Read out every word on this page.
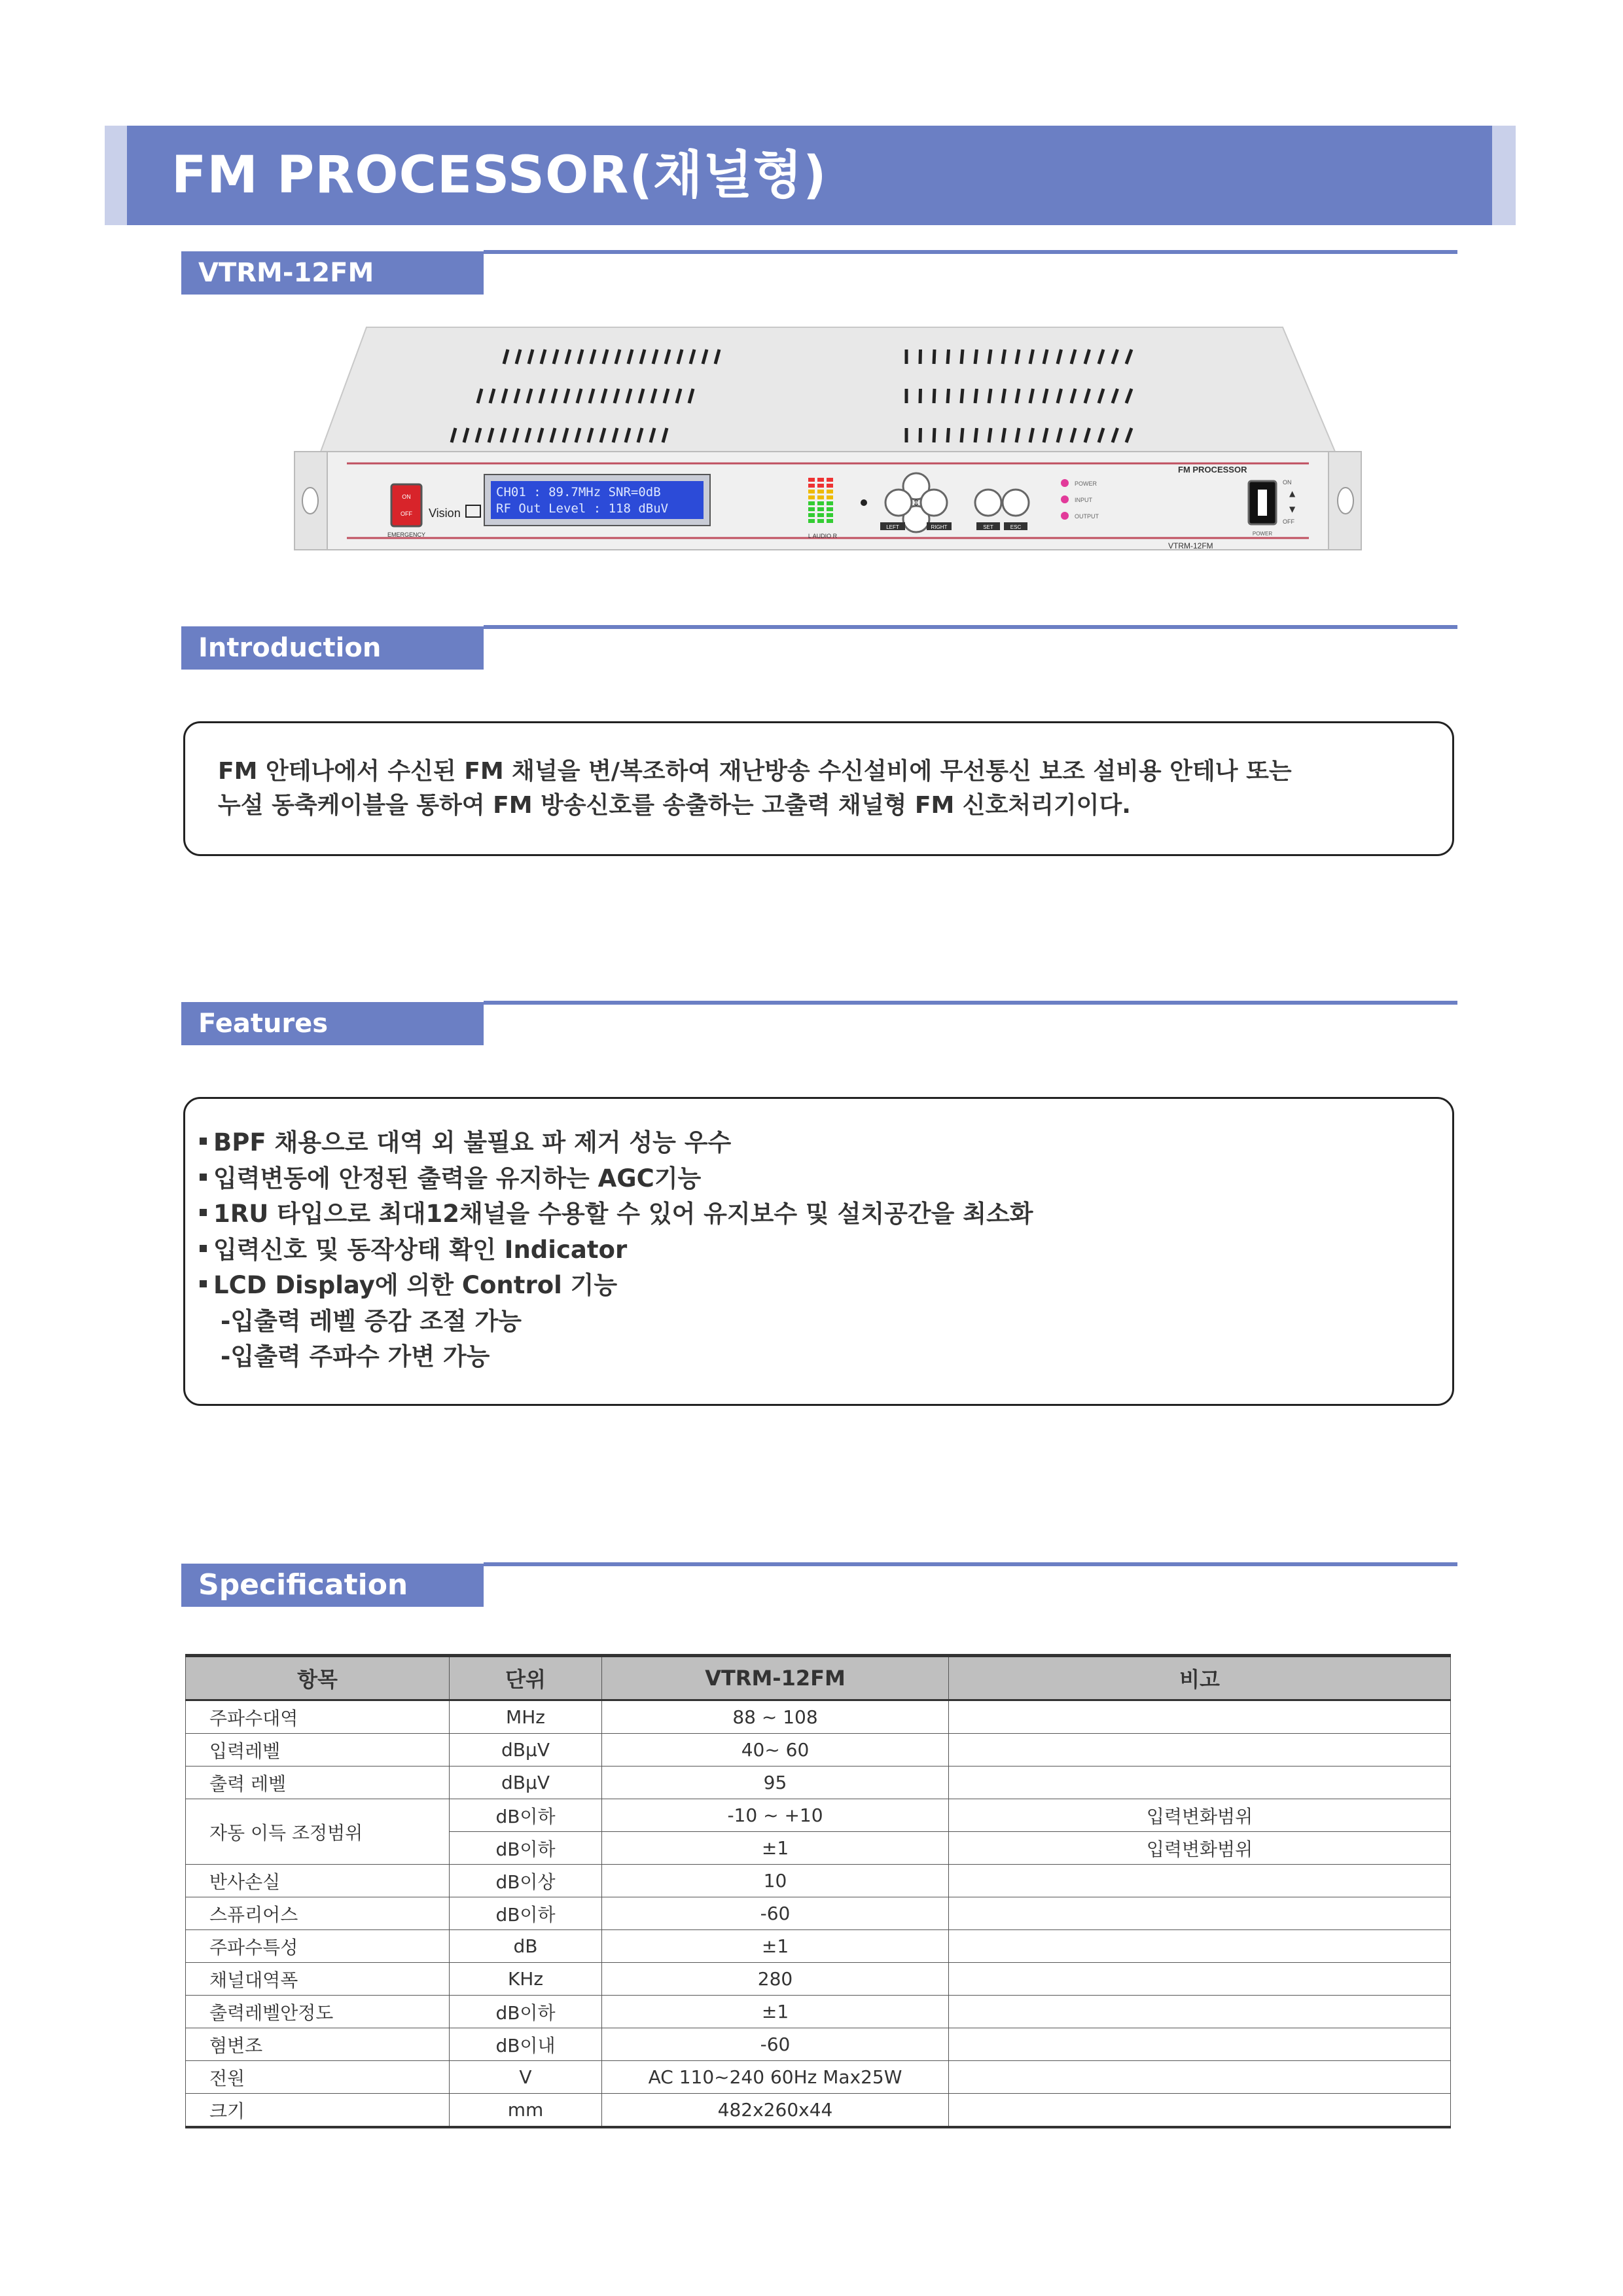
FM PROCESSOR(채널형)
VTRM-12FM
ON
OFF
EMERGENCY
Vision
CH01 : 89.7MHz SNR=0dB
RF Out Level : 118 dBuV
L AUDIO R
⇕
LEFT	RIGHT	SET	ESC
POWER
INPUT
OUTPUT
FM PROCESSOR
VTRM-12FM
ON
OFF
POWER
▲
▼
Introduction
FM 안테나에서 수신된 FM 채널을 변/복조하여 재난방송 수신설비에 무선통신 보조 설비용 안테나 또는
누설 동축케이블을 통하여 FM 방송신호를 송출하는 고출력 채널형 FM 신호처리기이다.
Features
BPF 채용으로 대역 외 불필요 파 제거 성능 우수
입력변동에 안정된 출력을 유지하는 AGC기능
1RU 타입으로 최대12채널을 수용할 수 있어 유지보수 및 설치공간을 최소화
입력신호 및 동작상태 확인 Indicator
LCD Display에 의한 Control 기능
-입출력 레벨 증감 조절 가능
-입출력 주파수 가변 가능
Specification
항목	단위	VTRM-12FM	비고
주파수대역	MHz	88 ~ 108	
입력레벨	dBµV	40~ 60	
출력 레벨	dBµV	95	
자동 이득 조정범위	dB이하	-10 ~ +10	입력변화범위
	dB이하	±1	입력변화범위
반사손실	dB이상	10	
스퓨리어스	dB이하	-60	
주파수특성	dB	±1	
채널대역폭	KHz	280	
출력레벨안정도	dB이하	±1	
혐변조	dB이내	-60	
전원	V	AC 110~240 60Hz Max25W	
크기	mm	482x260x44	
